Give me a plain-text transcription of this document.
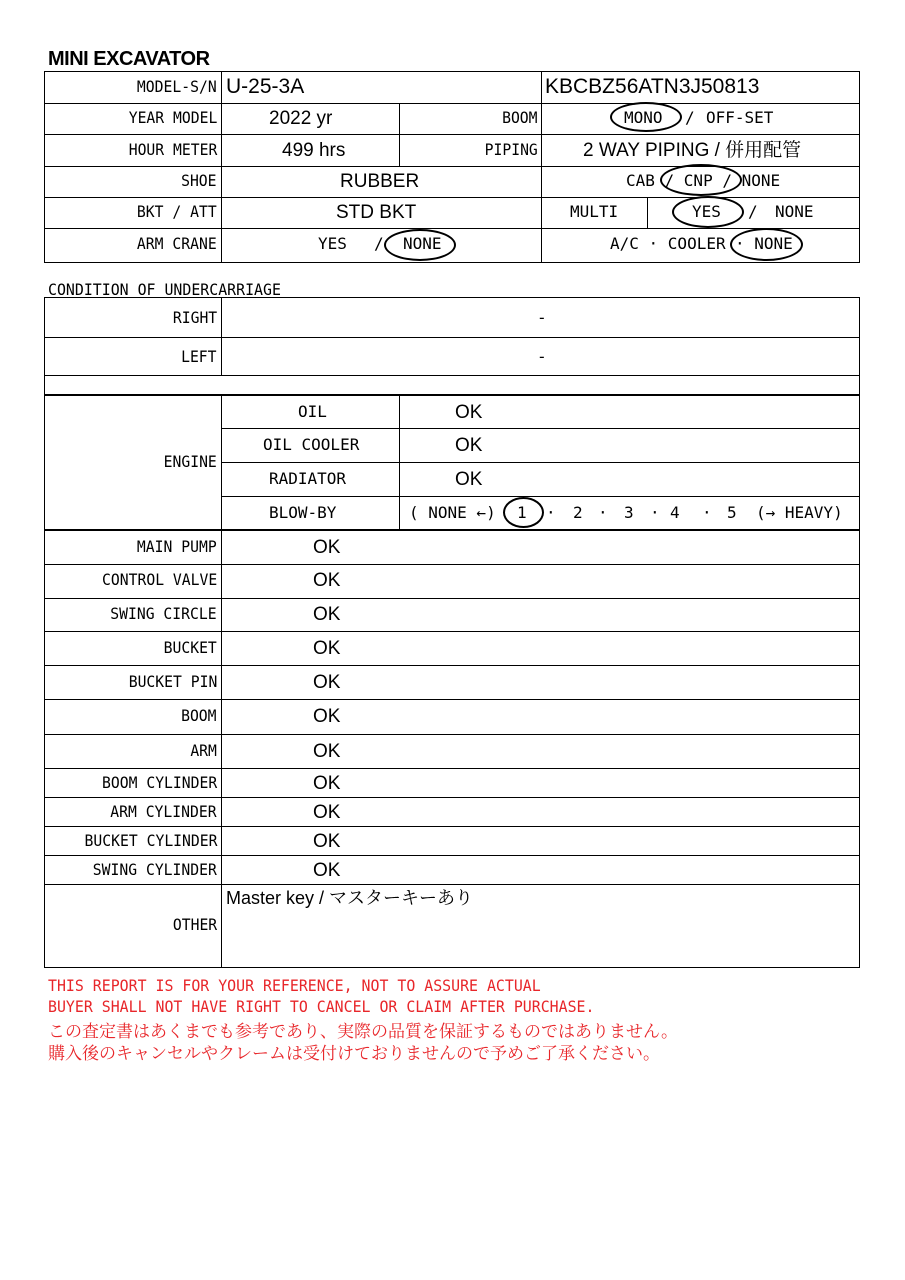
MINI EXCAVATOR
MODEL-S/N U-25-3A	KBCBZ56ATN3J50813
YEAR MODEL	2022 yr	BOOM	MONO / OFF-SET
HOUR METER	499 hrs	PIPING 2 WAY PIPING / 併用配管
SHOE	RUBBER	CAB / CNP / NONE
BKT / ATT	STD BKT	MULTI	YES / NONE
ARM CRANE	YES / NONE	A/C · COOLER · NONE
CONDITION OF UNDERCARRIAGE
RIGHT	-
LEFT	-
ENGINE
OIL	OK
OIL COOLER	OK
RADIATOR	OK
BLOW-BY	( NONE ←) 1 · 2 · 3 · 4 · 5 (→ HEAVY)
MAIN PUMP	OK
CONTROL VALVE	OK
SWING CIRCLE	OK
BUCKET	OK
BUCKET PIN	OK
BOOM	OK
ARM	OK
BOOM CYLINDER	OK
ARM CYLINDER	OK
BUCKET CYLINDER	OK
SWING CYLINDER	OK
OTHER
Master key / マスターキーあり
THIS REPORT IS FOR YOUR REFERENCE, NOT TO ASSURE ACTUAL
BUYER SHALL NOT HAVE RIGHT TO CANCEL OR CLAIM AFTER PURCHASE.
この査定書はあくまでも参考であり、実際の品質を保証するものではありません。
購入後のキャンセルやクレームは受付けておりませんので予めご了承ください。
